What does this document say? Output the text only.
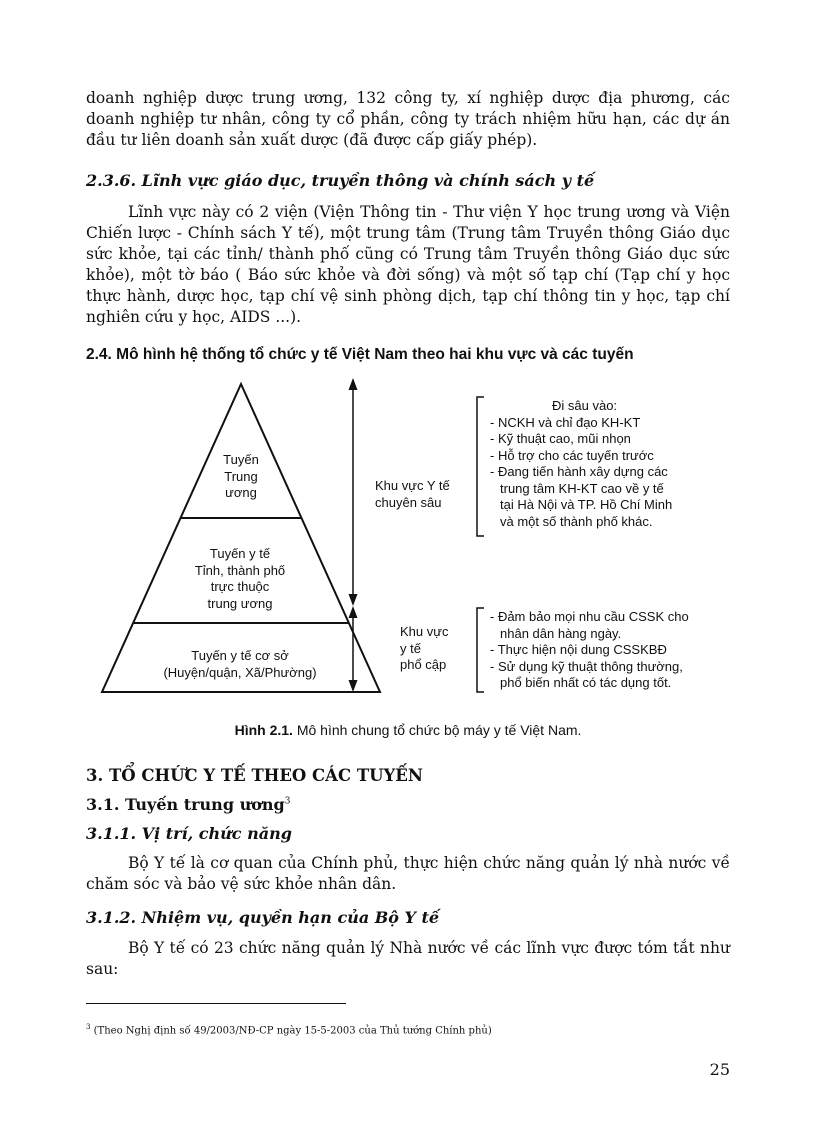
doanh nghiệp dược trung ương, 132 công ty, xí nghiệp dược địa phương, các doanh nghiệp tư nhân, công ty cổ phần, công ty trách nhiệm hữu hạn, các dự án đầu tư liên doanh sản xuất dược (đã được cấp giấy phép).

2.3.6. Lĩnh vực giáo dục, truyền thông và chính sách y tế

Lĩnh vực này có 2 viện (Viện Thông tin - Thư viện Y học trung ương và Viện Chiến lược - Chính sách Y tế), một trung tâm (Trung tâm Truyền thông Giáo dục sức khỏe, tại các tỉnh/ thành phố cũng có Trung tâm Truyền thông Giáo dục sức khỏe), một tờ báo ( Báo sức khỏe và đời sống) và một số tạp chí (Tạp chí y học thực hành, dược học, tạp chí vệ sinh phòng dịch, tạp chí thông tin y học, tạp chí nghiên cứu y học, AIDS ...).

2.4. Mô hình hệ thống tổ chức y tế Việt Nam theo hai khu vực và các tuyến

Tuyến
Trung
ương
Tuyến y tế
Tỉnh, thành phố
trực thuộc
trung ương
Tuyến y tế cơ sở
(Huyện/quận, Xã/Phường)
Khu vực Y tế
chuyên sâu
Khu vực
y tế
phổ cập
Đi sâu vào:
- NCKH và chỉ đạo KH-KT
- Kỹ thuật cao, mũi nhọn
- Hỗ trợ cho các tuyến trước
- Đang tiến hành xây dựng các
trung tâm KH-KT cao về y tế
tại Hà Nội và TP. Hồ Chí Minh
và một số thành phố khác.
- Đảm bảo mọi nhu cầu CSSK cho
nhân dân hàng ngày.
- Thực hiện nội dung CSSKBĐ
- Sử dụng kỹ thuật thông thường,
phổ biến nhất có tác dụng tốt.
Hình 2.1. Mô hình chung tổ chức bộ máy y tế Việt Nam.

3. TỔ CHỨC Y TẾ THEO CÁC TUYẾN

3.1. Tuyến trung ương$^3$

3.1.1. Vị trí, chức năng

Bộ Y tế là cơ quan của Chính phủ, thực hiện chức năng quản lý nhà nước về chăm sóc và bảo vệ sức khỏe nhân dân.

3.1.2. Nhiệm vụ, quyền hạn của Bộ Y tế

Bộ Y tế có 23 chức năng quản lý Nhà nước về các lĩnh vực được tóm tắt như sau:

$^3$ (Theo Nghị định số 49/2003/NĐ-CP ngày 15-5-2003 của Thủ tướng Chính phủ)
25
